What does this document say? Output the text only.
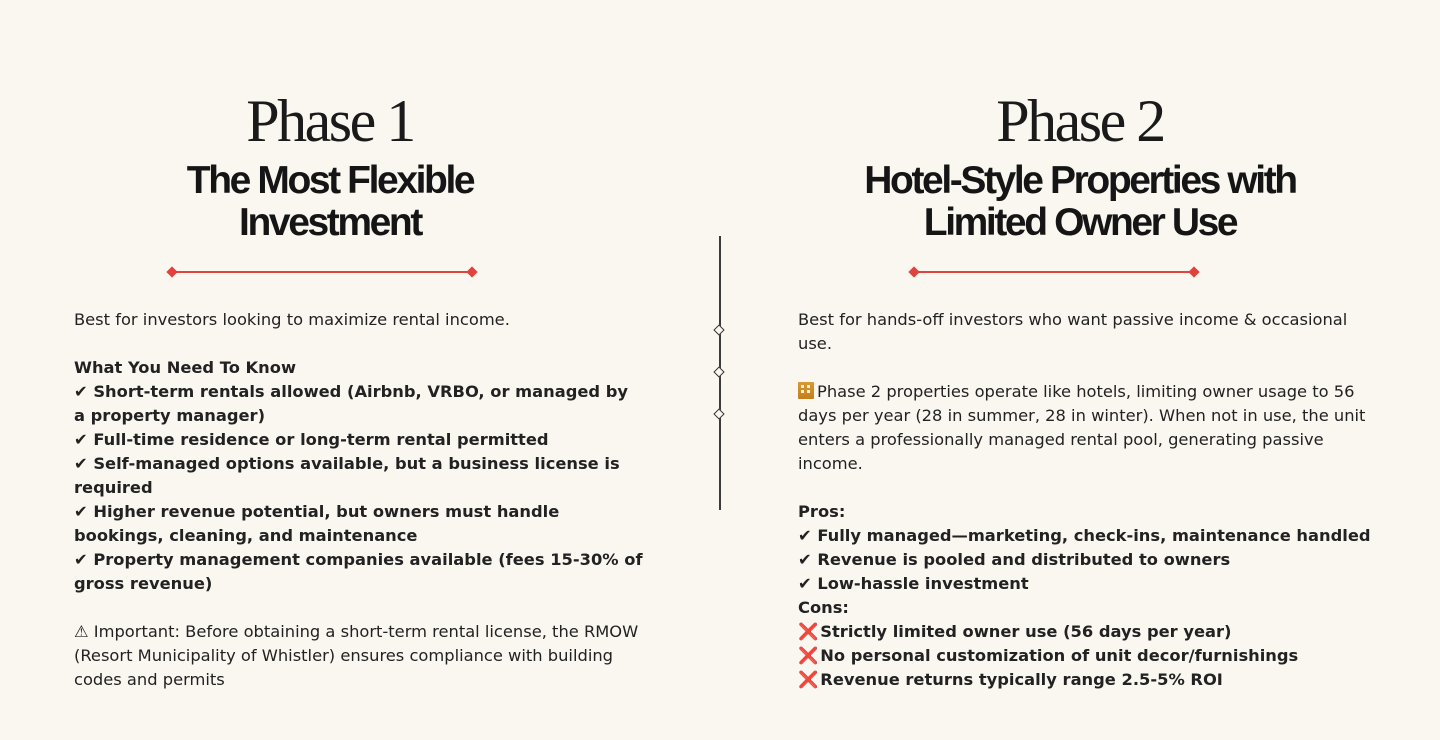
Phase 1
The Most Flexible
Investment

Best for investors looking to maximize rental income.

What You Need To Know

✔ Short-term rentals allowed (Airbnb, VRBO, or managed by a property manager)

✔ Full-time residence or long-term rental permitted

✔ Self-managed options available, but a business license is required

✔ Higher revenue potential, but owners must handle bookings, cleaning, and maintenance

✔ Property management companies available (fees 15-30% of gross revenue)

⚠ Important: Before obtaining a short-term rental license, the RMOW (Resort Municipality of Whistler) ensures compliance with building codes and permits

Phase 2
Hotel-Style Properties with
Limited Owner Use

Best for hands-off investors who want passive income & occasional use.

Phase 2 properties operate like hotels, limiting owner usage to 56 days per year (28 in summer, 28 in winter). When not in use, the unit enters a professionally managed rental pool, generating passive income.

Pros:

✔ Fully managed—marketing, check-ins, maintenance handled

✔ Revenue is pooled and distributed to owners

✔ Low-hassle investment

Cons:

❌ Strictly limited owner use (56 days per year)

❌ No personal customization of unit decor/furnishings

❌ Revenue returns typically range 2.5-5% ROI
